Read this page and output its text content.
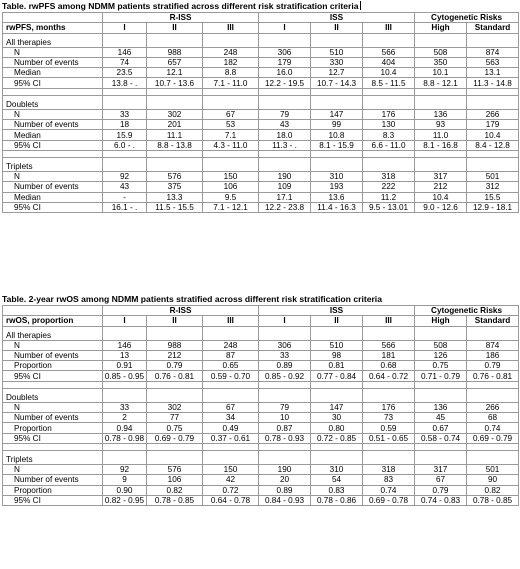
Table. rwPFS among NDMM patients stratified across different risk stratification criteria
	R-ISS			ISS			Cytogenetic Risks	
rwPFS, months	I	II	III	I	II	III	High	Standard
All therapies								
N	146	988	248	306	510	566	508	874
Number of events	74	657	182	179	330	404	350	563
Median	23.5	12.1	8.8	16.0	12.7	10.4	10.1	13.1
95% CI	13.8 - .	10.7 - 13.6	7.1 - 11.0	12.2 - 19.5	10.7 - 14.3	8.5 - 11.5	8.8 - 12.1	11.3 - 14.8

Doublets								
N	33	302	67	79	147	176	136	266
Number of events	18	201	53	43	99	130	93	179
Median	15.9	11.1	7.1	18.0	10.8	8.3	11.0	10.4
95% CI	6.0 - .	8.8 - 13.8	4.3 - 11.0	11.3 - .	8.1 - 15.9	6.6 - 11.0	8.1 - 16.8	8.4 - 12.8

Triplets								
N	92	576	150	190	310	318	317	501
Number of events	43	375	106	109	193	222	212	312
Median	-	13.3	9.5	17.1	13.6	11.2	10.4	15.5
95% CI	16.1 - .	11.5 - 15.5	7.1 - 12.1	12.2 - 23.8	11.4 - 16.3	9.5 - 13.01	9.0 - 12.6	12.9 - 18.1
Table. 2-year rwOS among NDMM patients stratified across different risk stratification criteria
	R-ISS			ISS			Cytogenetic Risks	
rwOS, proportion	I	II	III	I	II	III	High	Standard
All therapies								
N	146	988	248	306	510	566	508	874
Number of events	13	212	87	33	98	181	126	186
Proportion	0.91	0.79	0.65	0.89	0.81	0.68	0.75	0.79
95% CI	0.85 - 0.95	0.76 - 0.81	0.59 - 0.70	0.85 - 0.92	0.77 - 0.84	0.64 - 0.72	0.71 - 0.79	0.76 - 0.81

Doublets								
N	33	302	67	79	147	176	136	266
Number of events	2	77	34	10	30	73	45	68
Proportion	0.94	0.75	0.49	0.87	0.80	0.59	0.67	0.74
95% CI	0.78 - 0.98	0.69 - 0.79	0.37 - 0.61	0.78 - 0.93	0.72 - 0.85	0.51 - 0.65	0.58 - 0.74	0.69 - 0.79

Triplets								
N	92	576	150	190	310	318	317	501
Number of events	9	106	42	20	54	83	67	90
Proportion	0.90	0.82	0.72	0.89	0.83	0.74	0.79	0.82
95% CI	0.82 - 0.95	0.78 - 0.85	0.64 - 0.78	0.84 - 0.93	0.78 - 0.86	0.69 - 0.78	0.74 - 0.83	0.78 - 0.85
